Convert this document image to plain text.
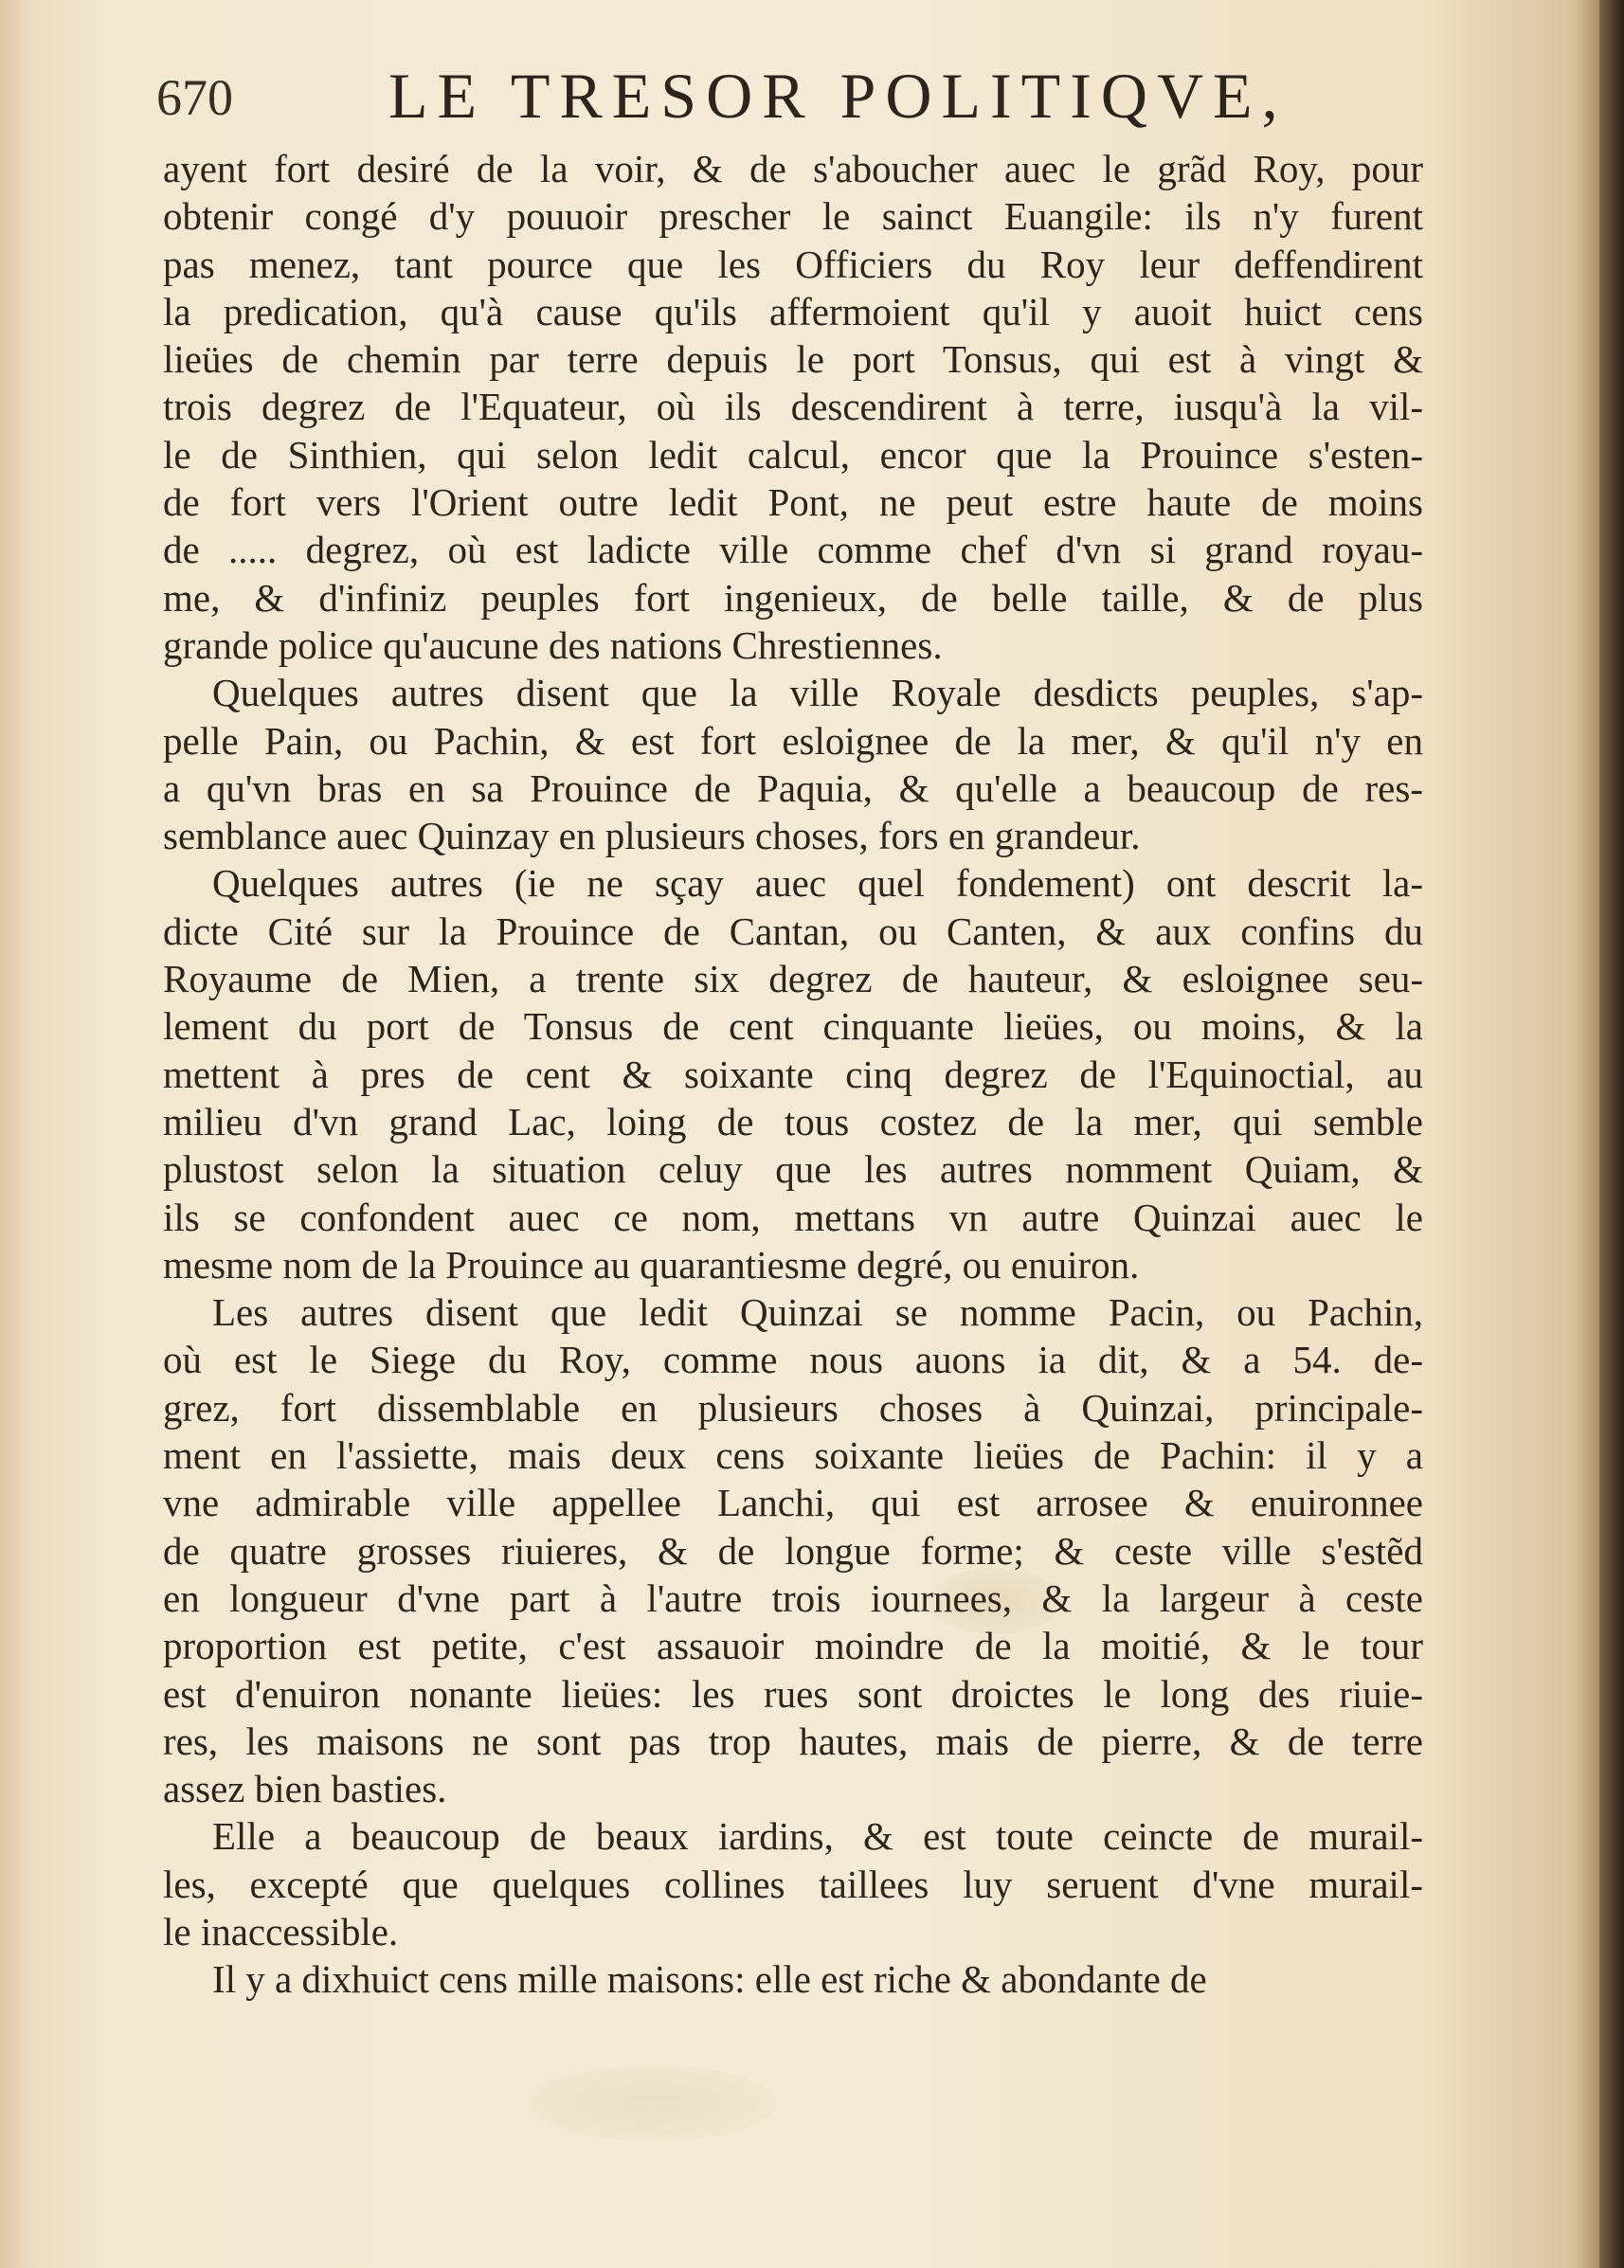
670 LE TRESOR POLITIQVE,
ayent fort desiré de la voir, & de s'aboucher auec le grãd Roy, pour
obtenir congé d'y pouuoir prescher le sainct Euangile: ils n'y furent
pas menez, tant pource que les Officiers du Roy leur deffendirent
la predication, qu'à cause qu'ils affermoient qu'il y auoit huict cens
lieües de chemin par terre depuis le port Tonsus, qui est à vingt &
trois degrez de l'Equateur, où ils descendirent à terre, iusqu'à la vil-
le de Sinthien, qui selon ledit calcul, encor que la Prouince s'esten-
de fort vers l'Orient outre ledit Pont, ne peut estre haute de moins
de ..... degrez, où est ladicte ville comme chef d'vn si grand royau-
me, & d'infiniz peuples fort ingenieux, de belle taille, & de plus
grande police qu'aucune des nations Chrestiennes.
Quelques autres disent que la ville Royale desdicts peuples, s'ap-
pelle Pain, ou Pachin, & est fort esloignee de la mer, & qu'il n'y en
a qu'vn bras en sa Prouince de Paquia, & qu'elle a beaucoup de res-
semblance auec Quinzay en plusieurs choses, fors en grandeur.
Quelques autres (ie ne sçay auec quel fondement) ont descrit la-
dicte Cité sur la Prouince de Cantan, ou Canten, & aux confins du
Royaume de Mien, a trente six degrez de hauteur, & esloignee seu-
lement du port de Tonsus de cent cinquante lieües, ou moins, & la
mettent à pres de cent & soixante cinq degrez de l'Equinoctial, au
milieu d'vn grand Lac, loing de tous costez de la mer, qui semble
plustost selon la situation celuy que les autres nomment Quiam, &
ils se confondent auec ce nom, mettans vn autre Quinzai auec le
mesme nom de la Prouince au quarantiesme degré, ou enuiron.
Les autres disent que ledit Quinzai se nomme Pacin, ou Pachin,
où est le Siege du Roy, comme nous auons ia dit, & a 54. de-
grez, fort dissemblable en plusieurs choses à Quinzai, principale-
ment en l'assiette, mais deux cens soixante lieües de Pachin: il y a
vne admirable ville appellee Lanchi, qui est arrosee & enuironnee
de quatre grosses riuieres, & de longue forme; & ceste ville s'estẽd
en longueur d'vne part à l'autre trois iournees, & la largeur à ceste
proportion est petite, c'est assauoir moindre de la moitié, & le tour
est d'enuiron nonante lieües: les rues sont droictes le long des riuie-
res, les maisons ne sont pas trop hautes, mais de pierre, & de terre
assez bien basties.
Elle a beaucoup de beaux iardins, & est toute ceincte de murail-
les, excepté que quelques collines taillees luy seruent d'vne murail-
le inaccessible.
Il y a dixhuict cens mille maisons: elle est riche & abondante de
